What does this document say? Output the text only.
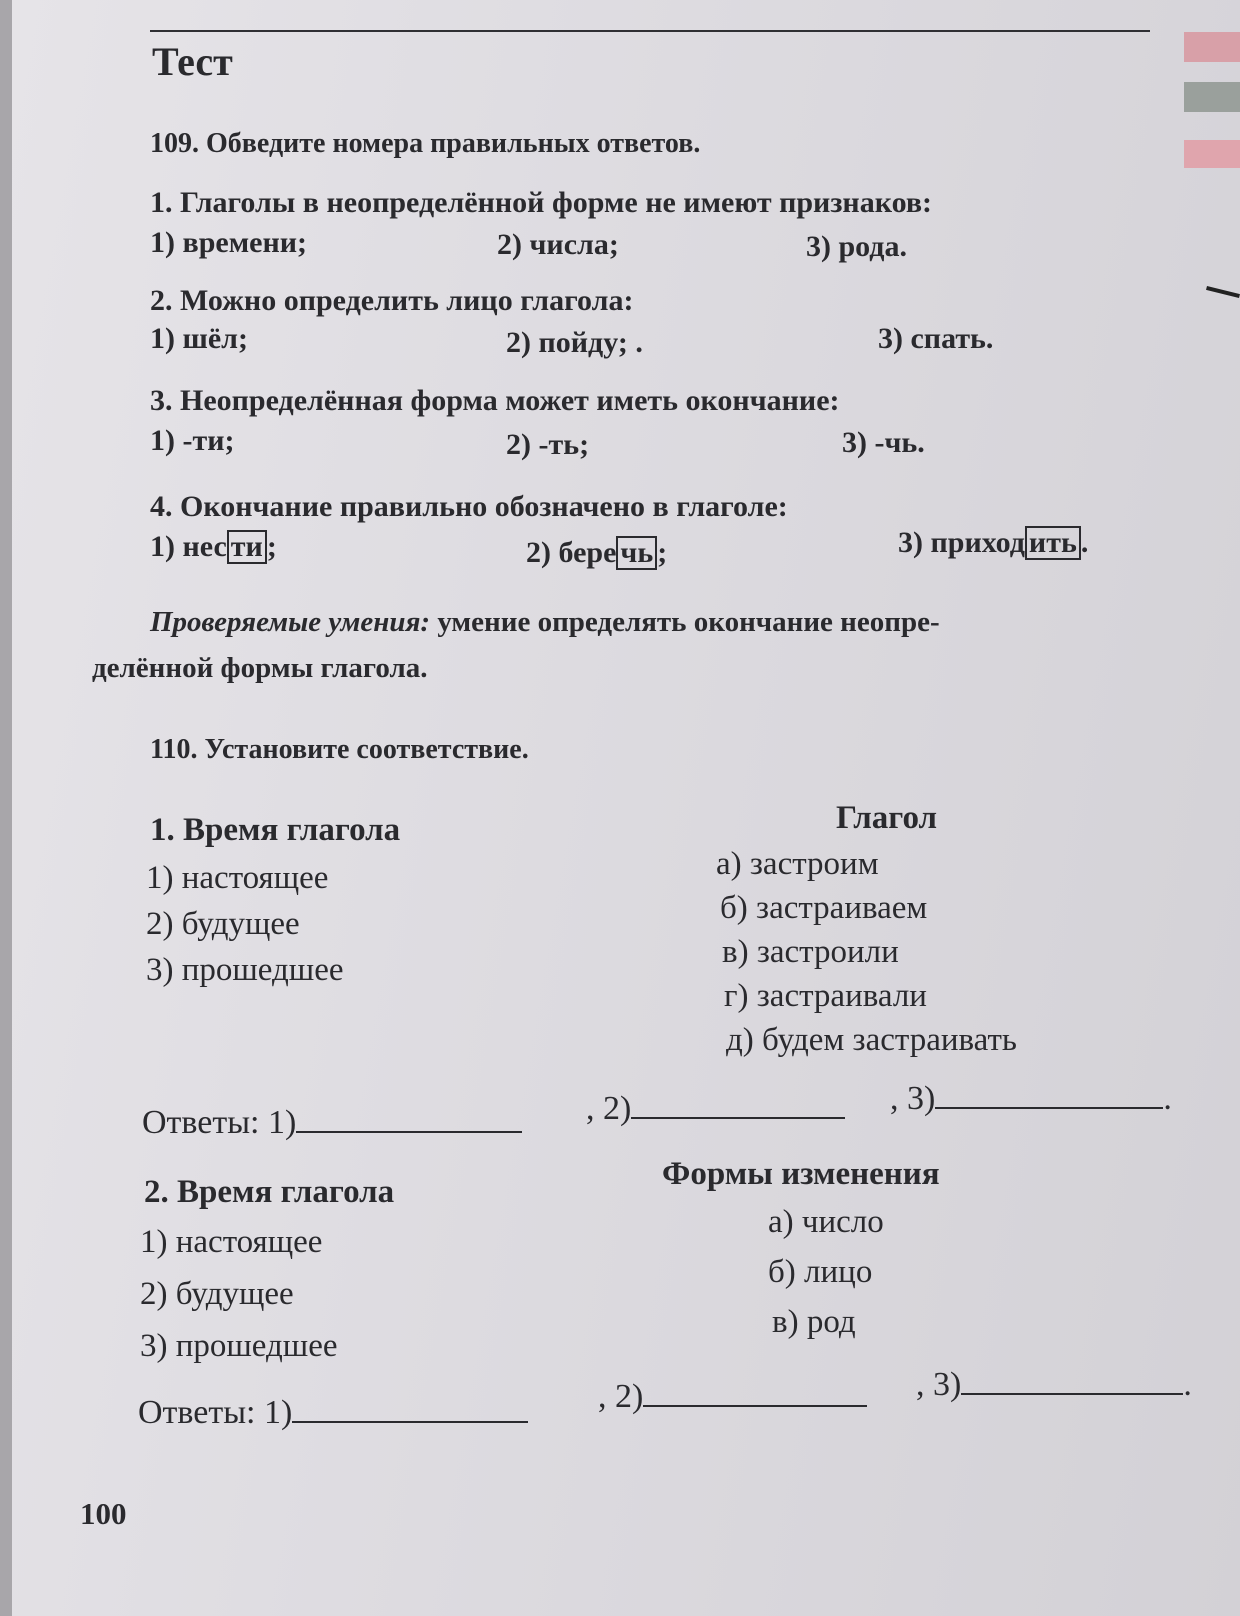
Тест
109. Обведите номера правильных ответов.
1. Глаголы в неопределённой форме не имеют признаков:
1) времени;	2) числа;	3) рода.
2. Можно определить лицо глагола:
1) шёл;	2) пойду; .	3) спать.
3. Неопределённая форма может иметь окончание:
1) -ти;	2) -ть;	3) -чь.
4. Окончание правильно обозначено в глаголе:
1) нес ти ;	2) бере чь ;	3) приход ить .
Проверяемые умения: умение определять окончание неопре-
делённой формы глагола.
110. Установите соответствие.
1. Время глагола
1) настоящее
2) будущее
3) прошедшее
Глагол
а) застроим
б) застраиваем
в) застроили
г) застраивали
д) будем застраивать
Ответы: 1)	, 2)	, 3)	.
2. Время глагола
1) настоящее
2) будущее
3) прошедшее
Формы изменения
а) число
б) лицо
в) род
Ответы: 1)	, 2)	, 3)	.
100
